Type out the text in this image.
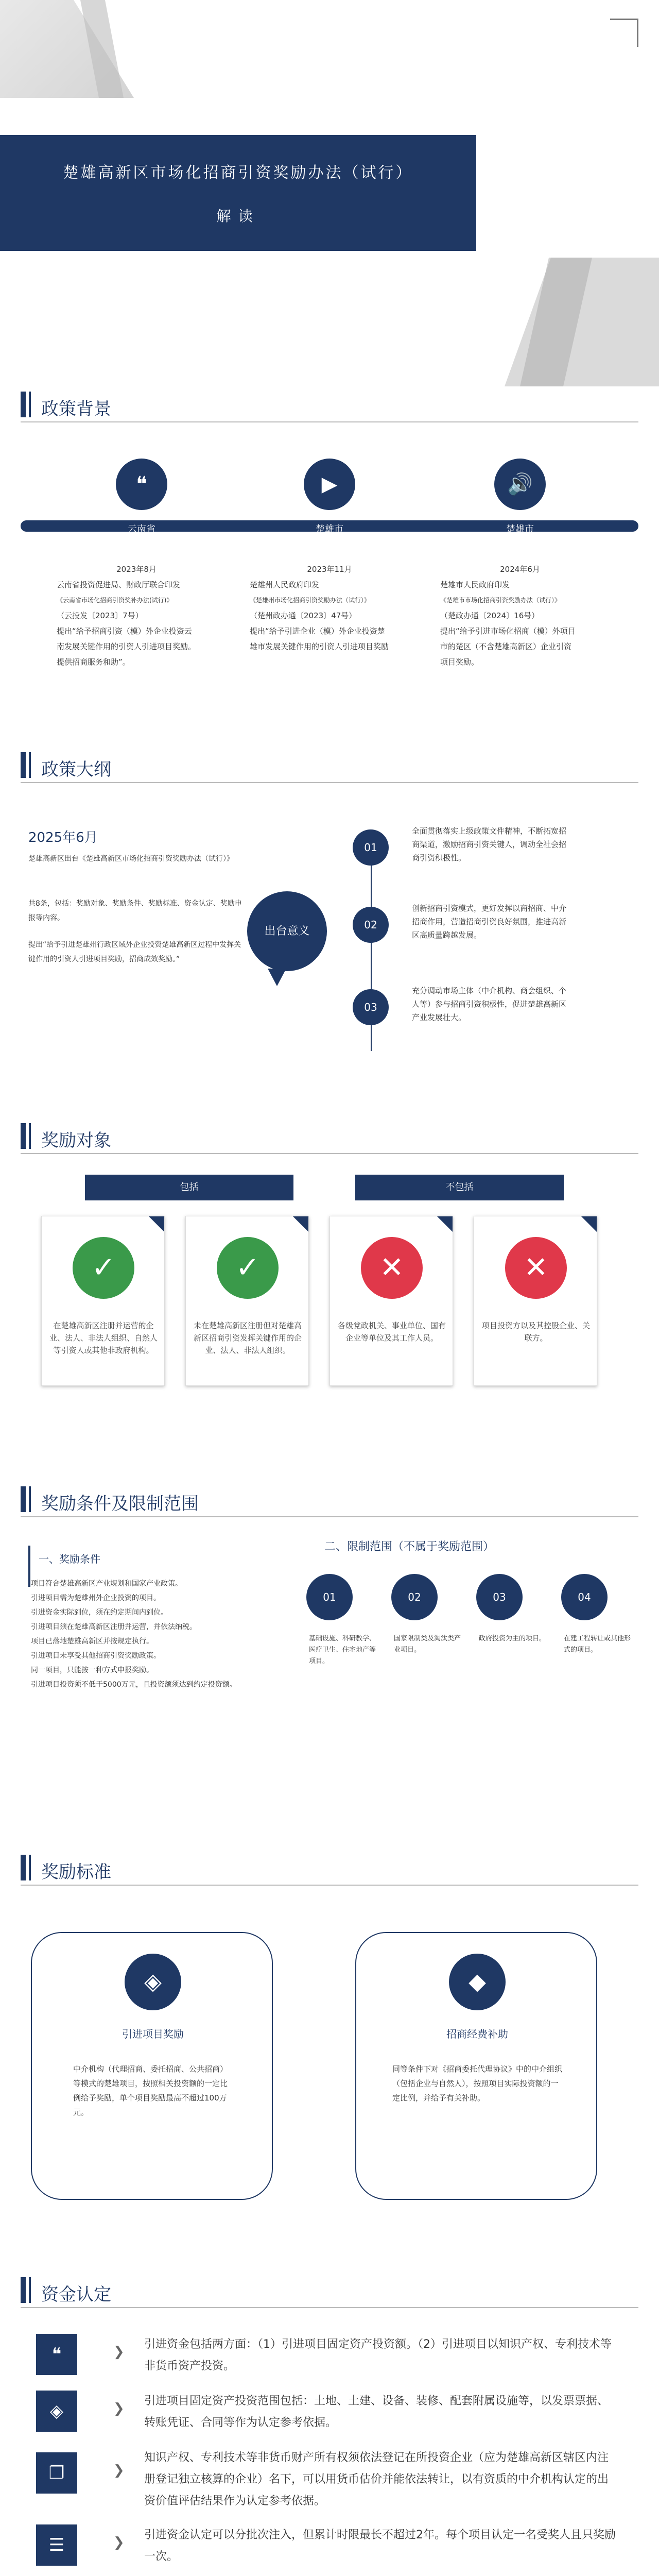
楚雄高新区市场化招商引资奖励办法（试行）
解读
政策背景
❝	▶	🔊
云南省	楚雄市	楚雄市
2023年8月
云南省投资促进局、财政厅联合印发
《云南省市场化招商引资奖补办法(试行)》
（云投发〔2023〕7号）
提出“给予招商引资（模）外企业投资云
南发展关键作用的引资人引进项目奖励。
提供招商服务和助”。
2023年11月
楚雄州人民政府印发
《楚雄州市场化招商引资奖励办法（试行）》
（楚州政办通〔2023〕47号）
提出“给予引进企业（模）外企业投资楚
雄市发展关键作用的引资人引进项目奖励
2024年6月
楚雄市人民政府印发
《楚雄市市场化招商引资奖励办法（试行）》
（楚政办通〔2024〕16号）
提出“给予引进市场化招商（模）外项目
市的楚区（不含楚雄高新区）企业引资
项目奖励。
政策大纲
2025年6月
楚雄高新区出台《楚雄高新区市场化招商引资奖励办法（试行）》
共8条，包括：奖励对象、奖励条件、奖励标准、资金认定、奖励申报等内容。
提出“给予引进楚雄州行政区域外企业投资楚雄高新区过程中发挥关键作用的引资人引进项目奖励，招商成效奖励。”
出台意义
01
02
03
全面贯彻落实上级政策文件精神，不断拓宽招商渠道，激励招商引资关键人，调动全社会招商引资积极性。
创新招商引资模式，更好发挥以商招商、中介招商作用，营造招商引资良好氛围，推进高新区高质量跨越发展。
充分调动市场主体（中介机构、商会组织、个人等）参与招商引资积极性，促进楚雄高新区产业发展壮大。
奖励对象
包括	不包括
✓
在楚雄高新区注册并运营的企业、法人、非法人组织、自然人等引资人或其他非政府机构。
✓
未在楚雄高新区注册但对楚雄高新区招商引资发挥关键作用的企业、法人、非法人组织。
✕
各级党政机关、事业单位、国有企业等单位及其工作人员。
✕
项目投资方以及其控股企业、关联方。
奖励条件及限制范围
一、奖励条件
项目符合楚雄高新区产业规划和国家产业政策。
引进项目需为楚雄州外企业投资的项目。
引进资金实际到位，须在约定期间内到位。
引进项目须在楚雄高新区注册并运营，并依法纳税。
项目已落地楚雄高新区并按规定执行。
引进项目未享受其他招商引资奖励政策。
同一项目，只能按一种方式申报奖励。
引进项目投资须不低于5000万元，且投资额须达到约定投资额。
二、限制范围（不属于奖励范围）
01	02	03	04
基础设施、科研教学、医疗卫生、住宅地产等项目。
国家限制类及淘汰类产业项目。
政府投资为主的项目。	在建工程转让或其他形式的项目。
奖励标准
◈
引进项目奖励
中介机构（代理招商、委托招商、公共招商）等模式的楚雄项目，按照相关投资额的一定比例给予奖励，单个项目奖励最高不超过100万元。
◆
招商经费补助
同等条件下对《招商委托代理协议》中的中介组织（包括企业与自然人），按照项目实际投资额的一定比例，并给予有关补助。
资金认定
❝	❯ 引进资金包括两方面：（1）引进项目固定资产投资额。（2）引进项目以知识产权、专利技术等非货币资产投资。
◈	❯ 引进项目固定资产投资范围包括：土地、土建、设备、装修、配套附属设施等，以发票票据、转账凭证、合同等作为认定参考依据。
❐	❯
知识产权、专利技术等非货币财产所有权须依法登记在所投资企业（应为楚雄高新区辖区内注册登记独立核算的企业）名下，可以用货币估价并能依法转让，以有资质的中介机构认定的出资价值评估结果作为认定参考依据。
☰	❯ 引进资金认定可以分批次注入，但累计时限最长不超过2年。每个项目认定一名受奖人且只奖励一次。
